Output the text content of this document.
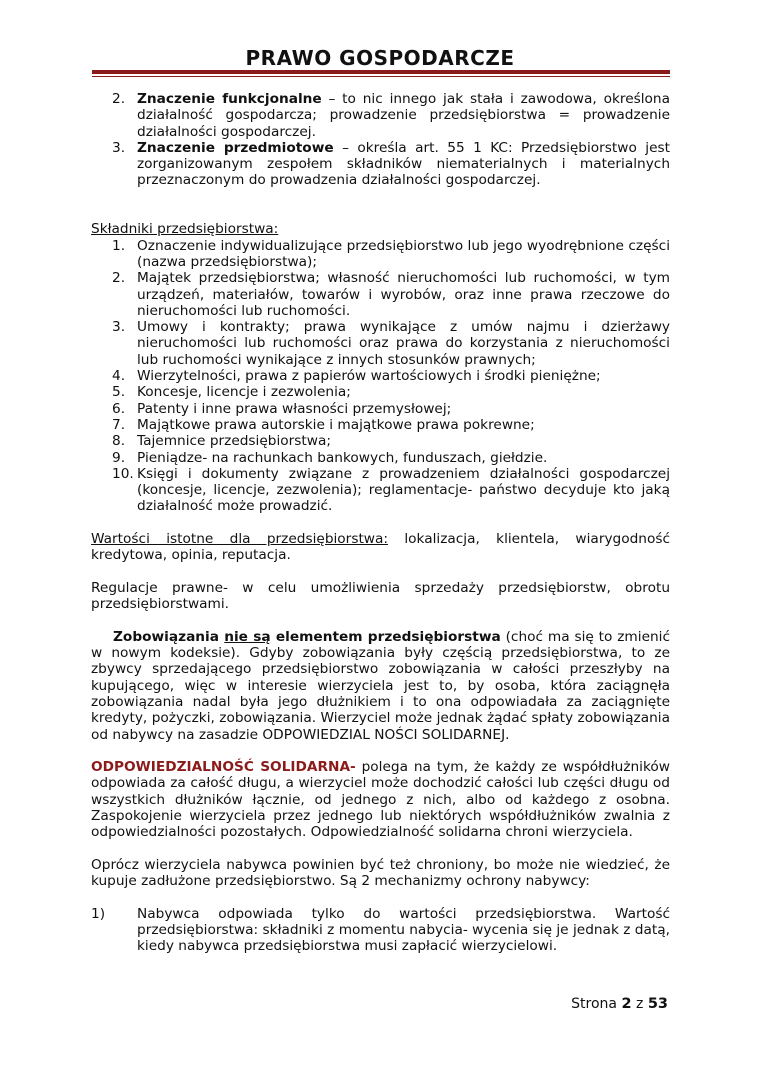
PRAWO GOSPODARCZE
2. Znaczenie funkcjonalne – to nic innego jak stała i zawodowa, określona działalność gospodarcza; prowadzenie przedsiębiorstwa = prowadzenie działalności gospodarczej.
3. Znaczenie przedmiotowe – określa art. 55 1 KC: Przedsiębiorstwo jest zorganizowanym zespołem składników niematerialnych i materialnych przeznaczonym do prowadzenia działalności gospodarczej.

Składniki przedsiębiorstwa:

1. Oznaczenie indywidualizujące przedsiębiorstwo lub jego wyodrębnione części (nazwa przedsiębiorstwa);
2. Majątek przedsiębiorstwa; własność nieruchomości lub ruchomości, w tym urządzeń, materiałów, towarów i wyrobów, oraz inne prawa rzeczowe do nieruchomości lub ruchomości.
3. Umowy i kontrakty; prawa wynikające z umów najmu i dzierżawy nieruchomości lub ruchomości oraz prawa do korzystania z nieruchomości lub ruchomości wynikające z innych stosunków prawnych;
4. Wierzytelności, prawa z papierów wartościowych i środki pieniężne;
5. Koncesje, licencje i zezwolenia;
6. Patenty i inne prawa własności przemysłowej;
7. Majątkowe prawa autorskie i majątkowe prawa pokrewne;
8. Tajemnice przedsiębiorstwa;
9. Pieniądze- na rachunkach bankowych, funduszach, giełdzie.
10. Księgi i dokumenty związane z prowadzeniem działalności gospodarczej (koncesje, licencje, zezwolenia); reglamentacje- państwo decyduje kto jaką działalność może prowadzić.

Wartości istotne dla przedsiębiorstwa: lokalizacja, klientela, wiarygodność kredytowa, opinia, reputacja.

Regulacje prawne- w celu umożliwienia sprzedaży przedsiębiorstw, obrotu przedsiębiorstwami.

Zobowiązania nie są elementem przedsiębiorstwa (choć ma się to zmienić w nowym kodeksie). Gdyby zobowiązania były częścią przedsiębiorstwa, to ze zbywcy sprzedającego przedsiębiorstwo zobowiązania w całości przeszłyby na kupującego, więc w interesie wierzyciela jest to, by osoba, która zaciągnęła zobowiązania nadal była jego dłużnikiem i to ona odpowiadała za zaciągnięte kredyty, pożyczki, zobowiązania. Wierzyciel może jednak żądać spłaty zobowiązania od nabywcy na zasadzie ODPOWIEDZIAL NOŚCI SOLIDARNEJ.

ODPOWIEDZIALNOŚĆ SOLIDARNA- polega na tym, że każdy ze współdłużników odpowiada za całość długu, a wierzyciel może dochodzić całości lub części długu od wszystkich dłużników łącznie, od jednego z nich, albo od każdego z osobna. Zaspokojenie wierzyciela przez jednego lub niektórych współdłużników zwalnia z odpowiedzialności pozostałych. Odpowiedzialność solidarna chroni wierzyciela.

Oprócz wierzyciela nabywca powinien być też chroniony, bo może nie wiedzieć, że kupuje zadłużone przedsiębiorstwo. Są 2 mechanizmy ochrony nabywcy:

1)	Nabywca odpowiada tylko do wartości przedsiębiorstwa. Wartość przedsiębiorstwa: składniki z momentu nabycia- wycenia się je jednak z datą, kiedy nabywca przedsiębiorstwa musi zapłacić wierzycielowi.
Strona 2 z 53
